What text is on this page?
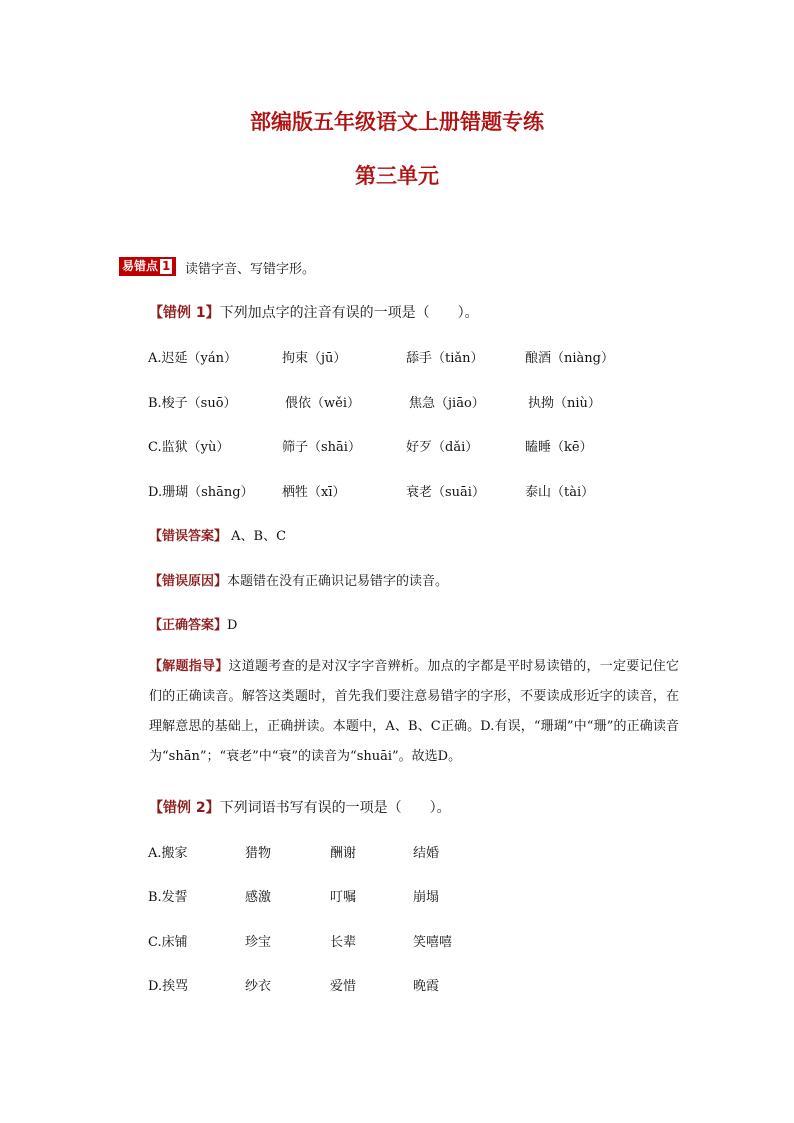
部编版五年级语文上册错题专练
第三单元
易错点 1	读错字音、写错字形。
【错例 1】下列加点字的注音有误的一项是（　　）。
A.迟延（yán）	拘束（jū）	舔手（tiǎn）	酿酒（niàng）
B.梭子（suō）	偎依（wěi）	焦急（jiāo）	执拗（niù）
C.监狱（yù）	筛子（shāi）	好歹（dǎi）	瞌睡（kē）
D.珊瑚（shāng） 栖牲（xī）	衰老（suāi）	泰山（tài）
【错误答案】 A、B、C
【错误原因】本题错在没有正确识记易错字的读音。
【正确答案】D
【解题指导】这道题考查的是对汉字字音辨析。加点的字都是平时易读错的，一定要记住它们的正确读音。解答这类题时，首先我们要注意易错字的字形，不要读成形近字的读音，在理解意思的基础上，正确拼读。本题中，A、B、C正确。D.有误，“珊瑚”中“珊”的正确读音为“shān”；“衰老”中“衰”的读音为“shuāi”。故选D。
【错例 2】下列词语书写有误的一项是（　　）。
A.搬家	猎物	酬谢	结婚
B.发誓	感激	叮嘱	崩塌
C.床铺	珍宝	长辈	笑嘻嘻
D.挨骂	纱衣	爱惜	晚霞
